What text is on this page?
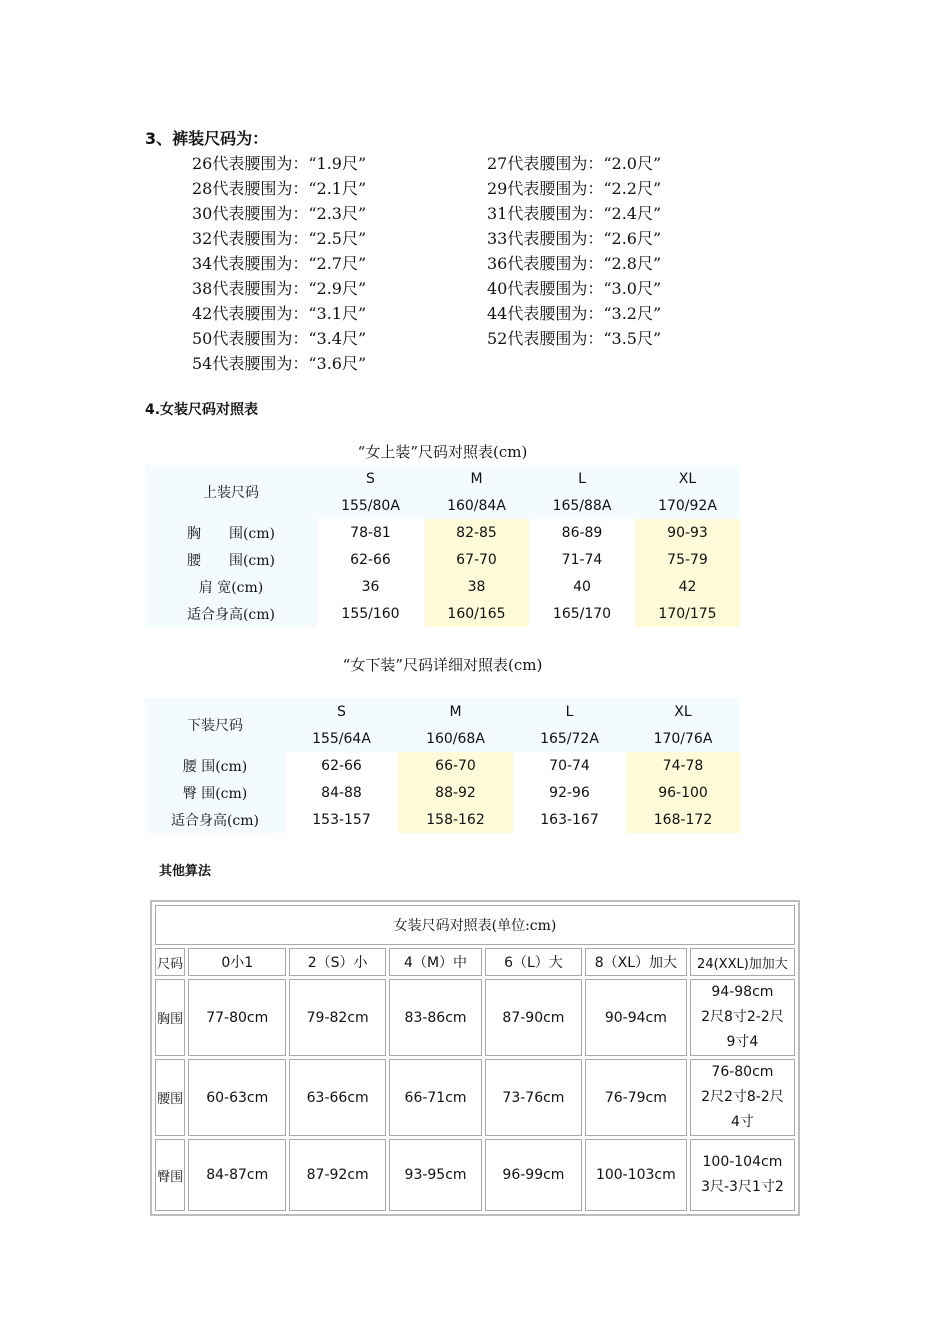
3、裤装尺码为：
26代表腰围为：“1.9尺”	27代表腰围为：“2.0尺”
28代表腰围为：“2.1尺”	29代表腰围为：“2.2尺”
30代表腰围为：“2.3尺”	31代表腰围为：“2.4尺”
32代表腰围为：“2.5尺”	33代表腰围为：“2.6尺”
34代表腰围为：“2.7尺”	36代表腰围为：“2.8尺”
38代表腰围为：“2.9尺”	40代表腰围为：“3.0尺”
42代表腰围为：“3.1尺”	44代表腰围为：“3.2尺”
50代表腰围为：“3.4尺”	52代表腰围为：“3.5尺”
54代表腰围为：“3.6尺”
4.女装尺码对照表
“女上装”尺码对照表(cm)
上装尺码	S	M	L	XL
	155/80A	160/84A	165/88A	170/92A
胸　　围(cm)	78-81	82-85	86-89	90-93
腰　　围(cm)	62-66	67-70	71-74	75-79
肩 宽(cm)	36	38	40	42
适合身高(cm)	155/160	160/165	165/170	170/175
“女下装”尺码详细对照表(cm)
下装尺码	S	M	L	XL
	155/64A	160/68A	165/72A	170/76A
腰 围(cm)	62-66	66-70	70-74	74-78
臀 围(cm)	84-88	88-92	92-96	96-100
适合身高(cm)	153-157	158-162	163-167	168-172
其他算法
女装尺码对照表(单位:cm)						
尺码	0小1	2（S）小	4（M）中	6（L）大	8（XL）加大	24(XXL)加加大
胸围	77-80cm	79-82cm	83-86cm	87-90cm	90-94cm	94-98cm
2尺8寸2-2尺
9寸4

腰围	60-63cm	63-66cm	66-71cm	73-76cm	76-79cm	76-80cm
2尺2寸8-2尺
4寸

臀围	84-87cm	87-92cm	93-95cm	96-99cm	100-103cm	100-104cm
3尺-3尺1寸2
